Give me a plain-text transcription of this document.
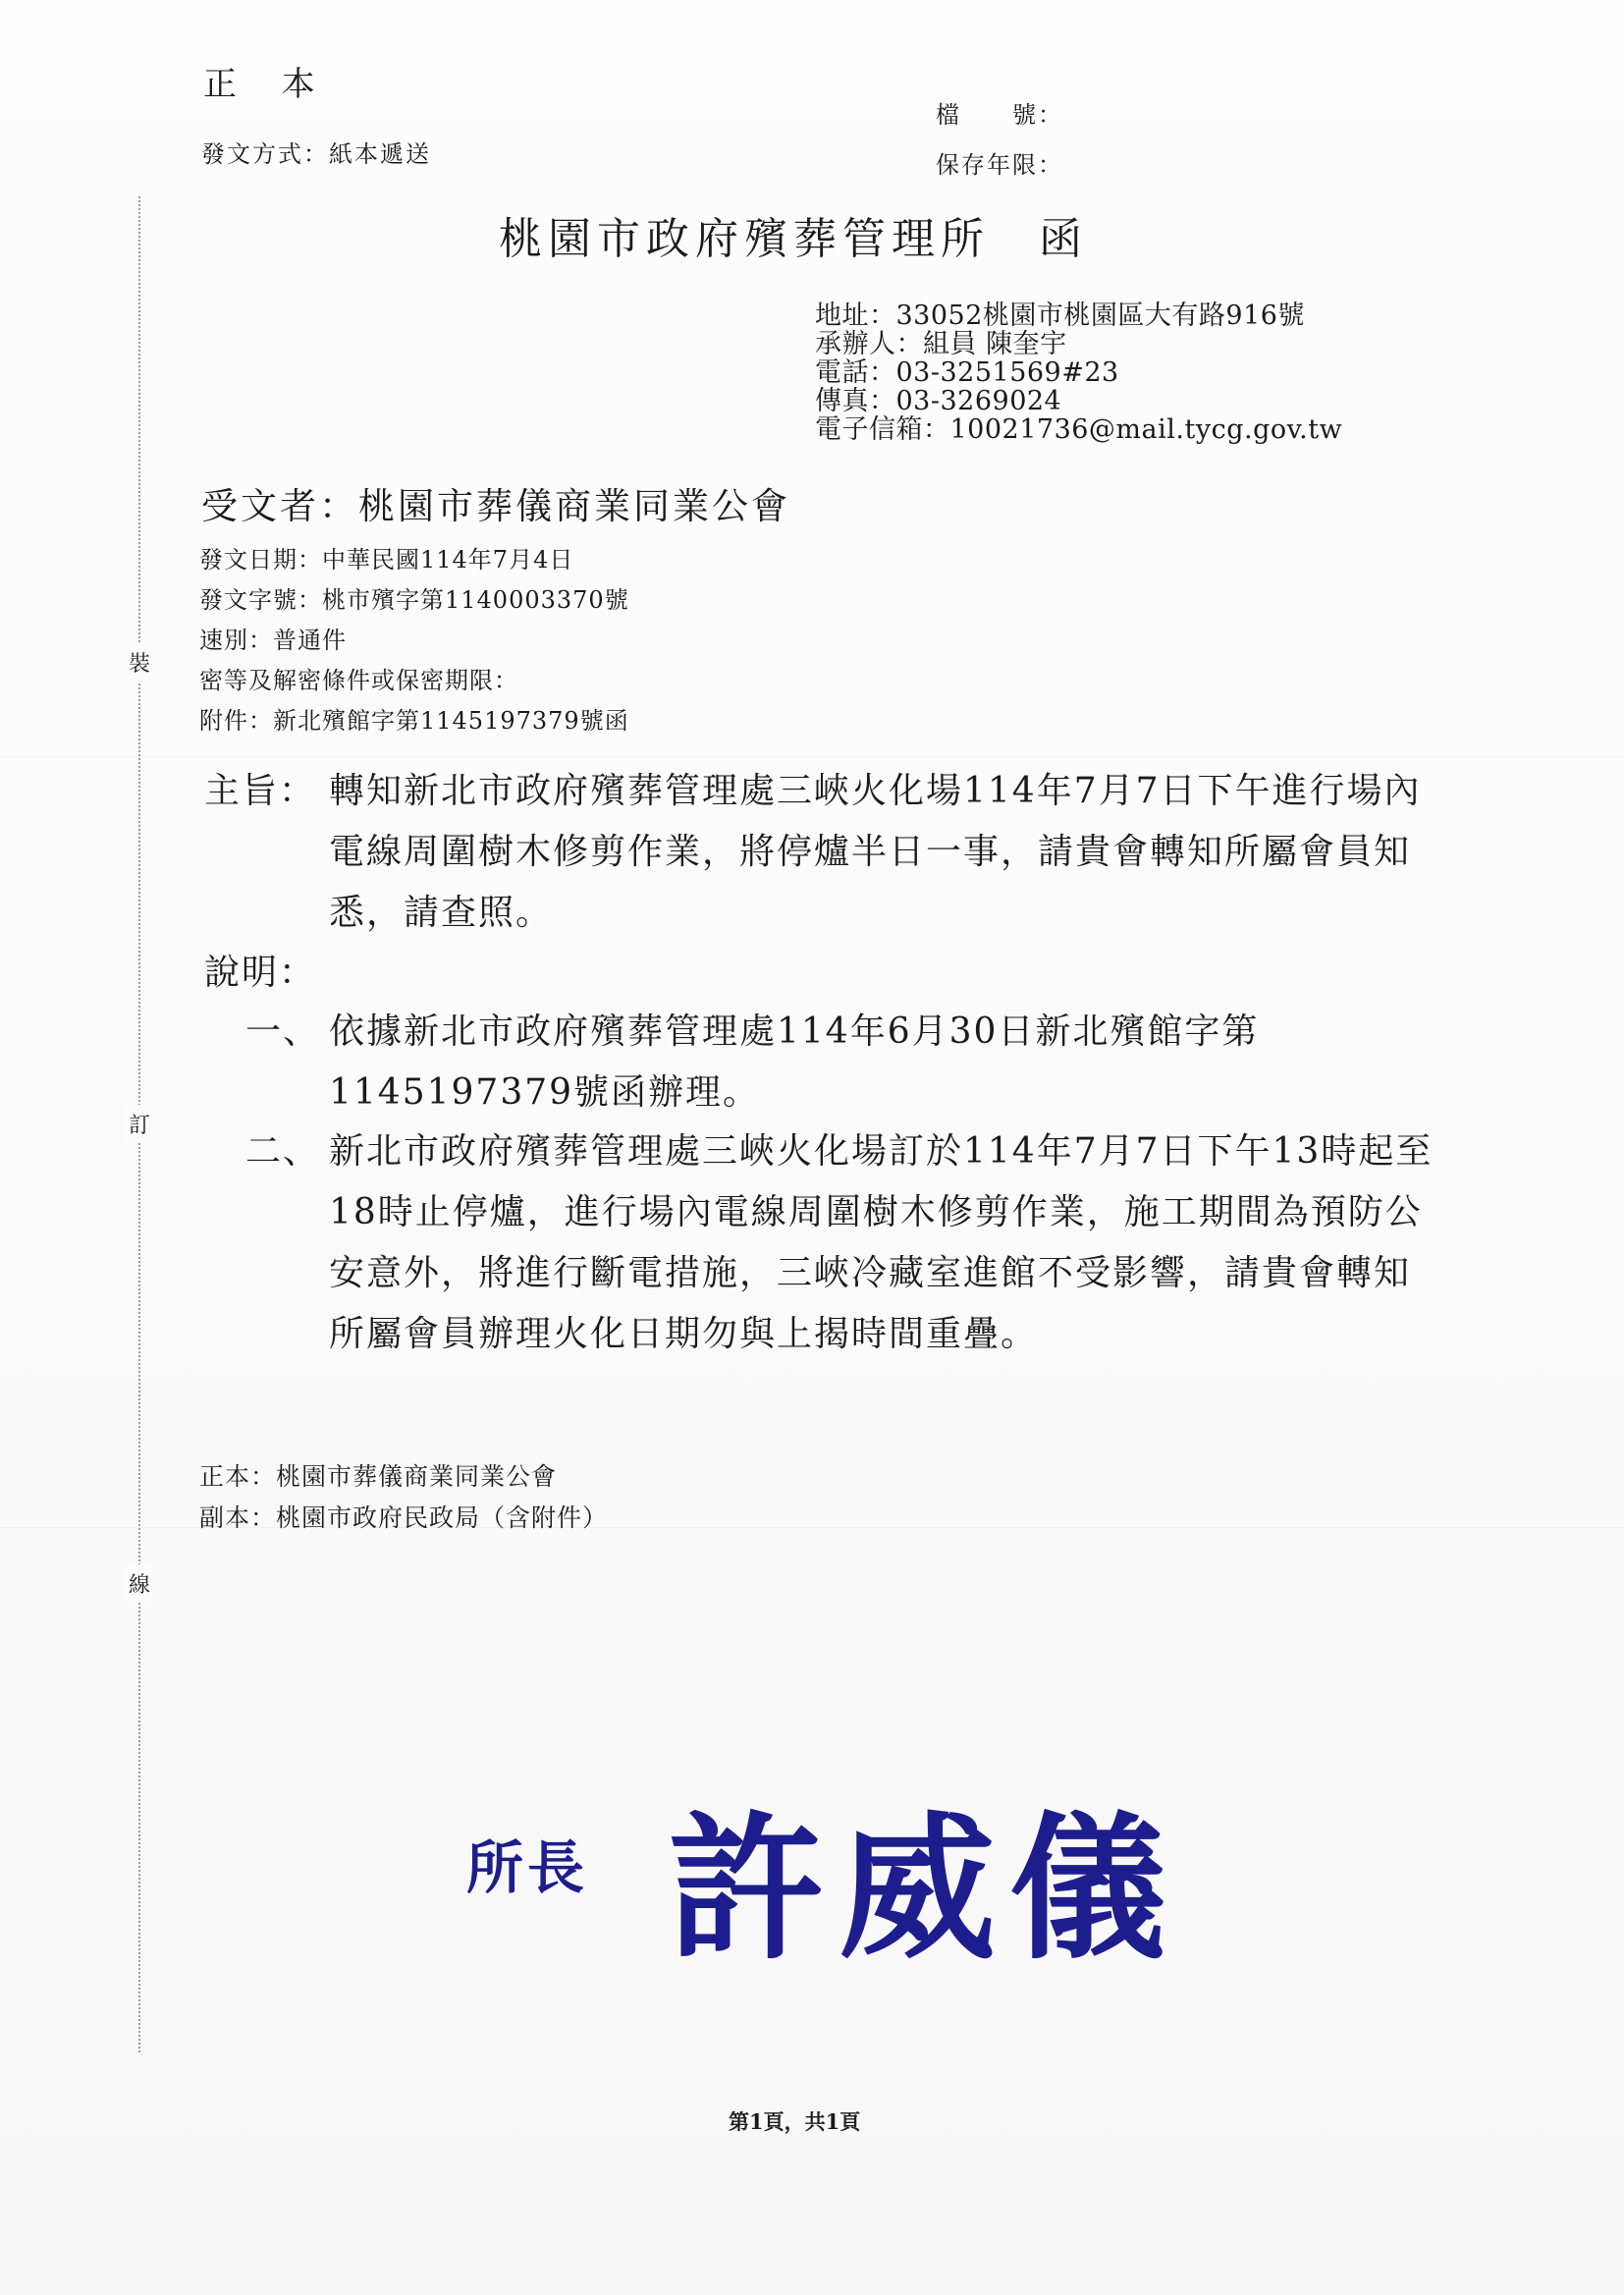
裝
訂
線
正  本
發文方式：紙本遞送
檔　　號：
保存年限：
桃園市政府殯葬管理所　函
地址：33052桃園市桃園區大有路916號
承辦人：組員 陳奎宇
電話：03-3251569#23
傳真：03-3269024
電子信箱：10021736@mail.tycg.gov.tw
受文者：桃園市葬儀商業同業公會
發文日期：中華民國114年7月4日
發文字號：桃市殯字第1140003370號
速別：普通件
密等及解密條件或保密期限：
附件：新北殯館字第1145197379號函
主旨： 轉知新北市政府殯葬管理處三峽火化場114年7月7日下午進行場內電線周圍樹木修剪作業，將停爐半日一事，請貴會轉知所屬會員知悉，請查照。
說明：
一、 依據新北市政府殯葬管理處114年6月30日新北殯館字第1145197379號函辦理。
二、 新北市政府殯葬管理處三峽火化場訂於114年7月7日下午13時起至18時止停爐，進行場內電線周圍樹木修剪作業，施工期間為預防公安意外，將進行斷電措施，三峽冷藏室進館不受影響，請貴會轉知所屬會員辦理火化日期勿與上揭時間重疊。
正本：桃園市葬儀商業同業公會
副本：桃園市政府民政局（含附件）
所長 許威儀
第1頁，共1頁
